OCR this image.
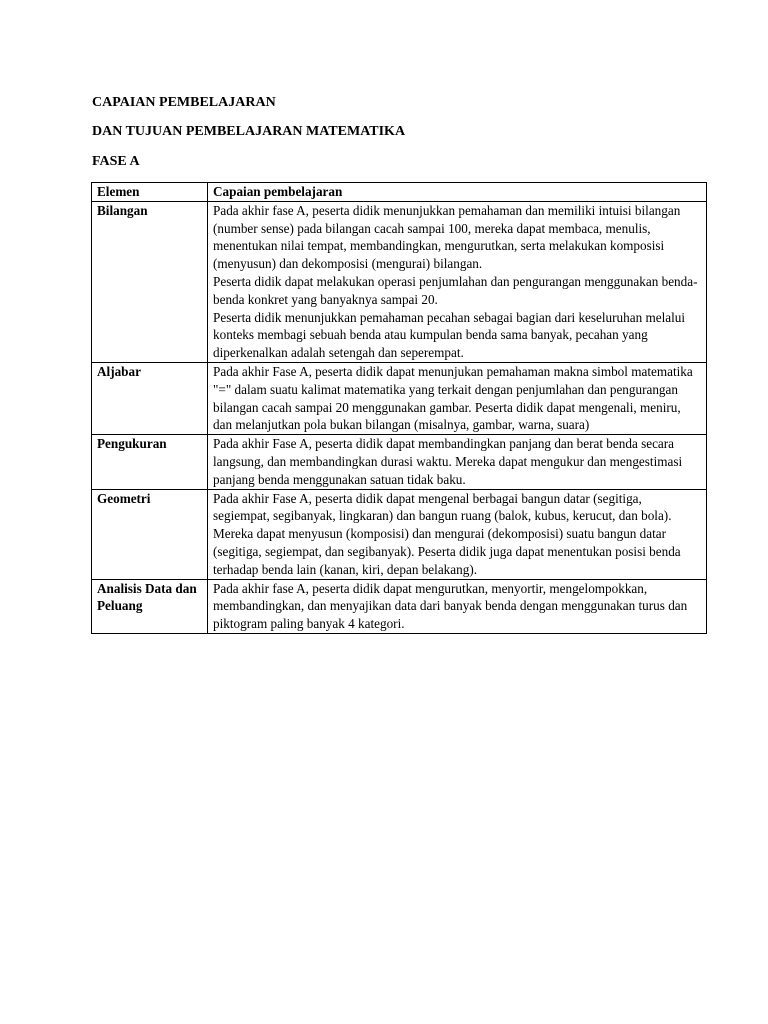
CAPAIAN PEMBELAJARAN
DAN TUJUAN PEMBELAJARAN MATEMATIKA
FASE A
Elemen	Capaian pembelajaran
Bilangan	Pada akhir fase A, peserta didik menunjukkan pemahaman dan memiliki intuisi bilangan (number sense) pada bilangan cacah sampai 100, mereka dapat membaca, menulis, menentukan nilai tempat, membandingkan, mengurutkan, serta melakukan komposisi (menyusun) dan dekomposisi (mengurai) bilangan.
Peserta didik dapat melakukan operasi penjumlahan dan pengurangan menggunakan benda-benda konkret yang banyaknya sampai 20.
Peserta didik menunjukkan pemahaman pecahan sebagai bagian dari keseluruhan melalui konteks membagi sebuah benda atau kumpulan benda sama banyak, pecahan yang diperkenalkan adalah setengah dan seperempat.

Aljabar	Pada akhir Fase A, peserta didik dapat menunjukan pemahaman makna simbol matematika "=" dalam suatu kalimat matematika yang terkait dengan penjumlahan dan pengurangan bilangan cacah sampai 20 menggunakan gambar. Peserta didik dapat mengenali, meniru, dan melanjutkan pola bukan bilangan (misalnya, gambar, warna, suara)

Pengukuran	Pada akhir Fase A, peserta didik dapat membandingkan panjang dan berat benda secara langsung, dan membandingkan durasi waktu. Mereka dapat mengukur dan mengestimasi panjang benda menggunakan satuan tidak baku.

Geometri	Pada akhir Fase A, peserta didik dapat mengenal berbagai bangun datar (segitiga, segiempat, segibanyak, lingkaran) dan bangun ruang (balok, kubus, kerucut, dan bola). Mereka dapat menyusun (komposisi) dan mengurai (dekomposisi) suatu bangun datar (segitiga, segiempat, dan segibanyak). Peserta didik juga dapat menentukan posisi benda terhadap benda lain (kanan, kiri, depan belakang).

Analisis Data dan Peluang	Pada akhir fase A, peserta didik dapat mengurutkan, menyortir, mengelompokkan, membandingkan, dan menyajikan data dari banyak benda dengan menggunakan turus dan piktogram paling banyak 4 kategori.
